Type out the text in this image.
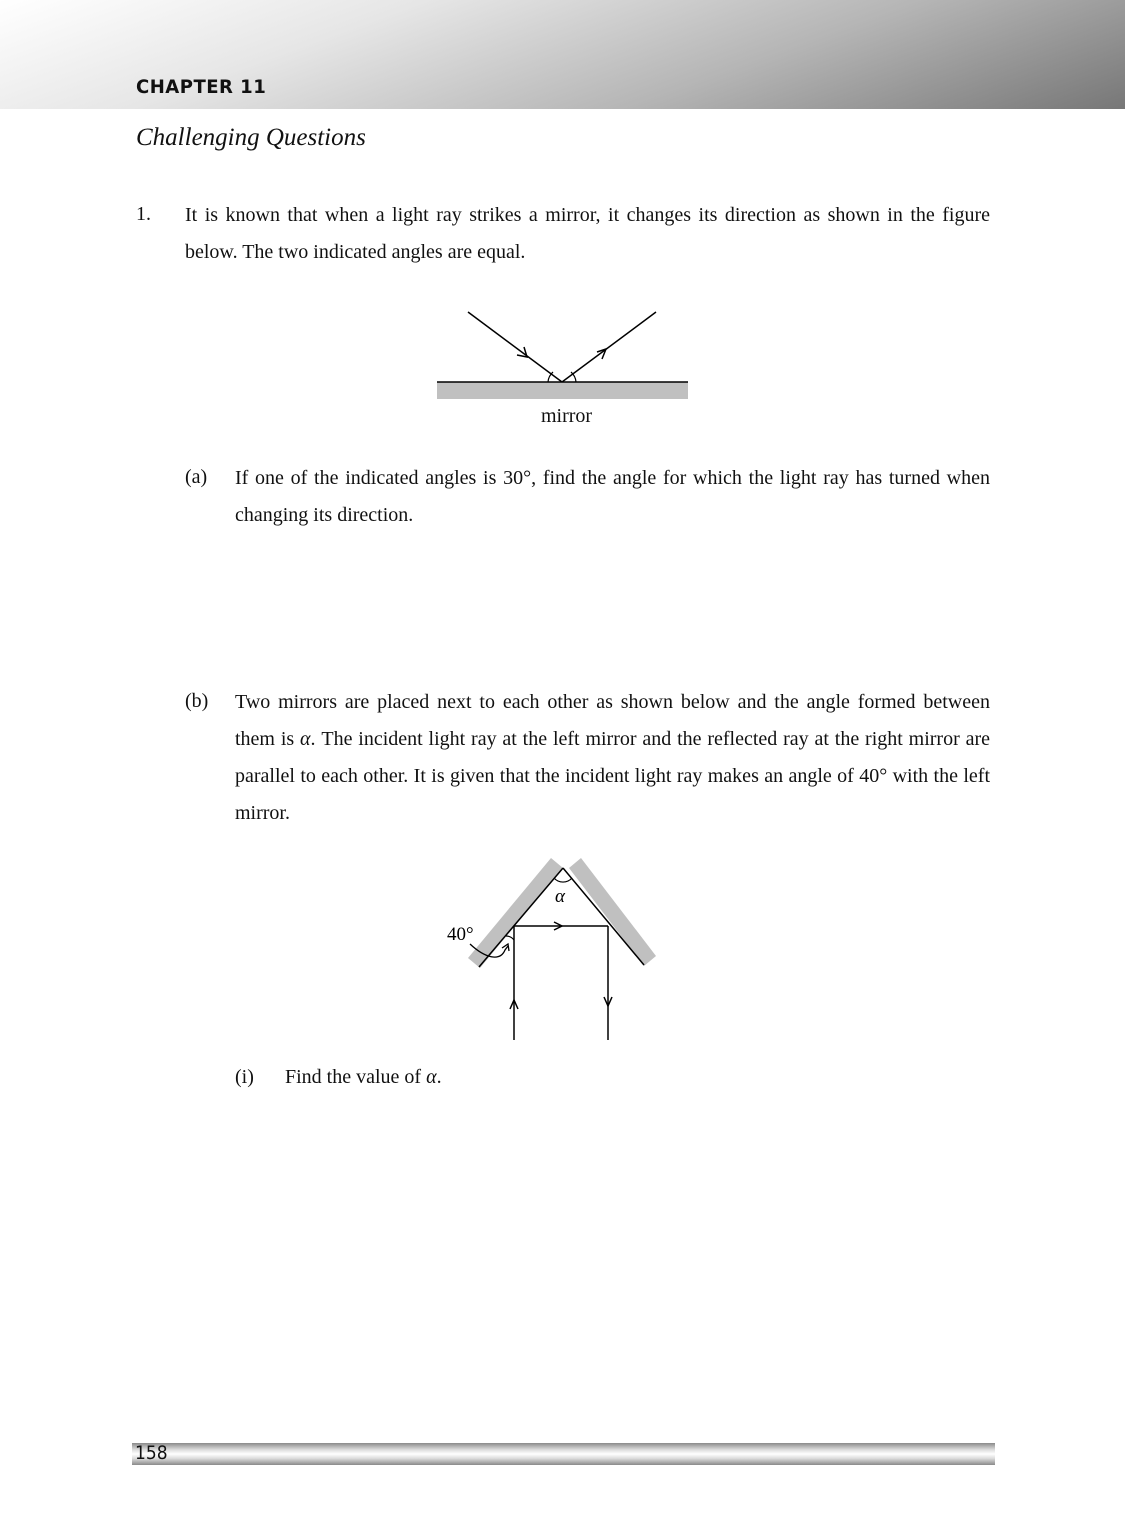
CHAPTER 11
Challenging Questions
1. It is known that when a light ray strikes a mirror, it changes its direction as shown in the figure below. The two indicated angles are equal.
mirror
(a) If one of the indicated angles is 30°, find the angle for which the light ray has turned when changing its direction.
(b) Two mirrors are placed next to each other as shown below and the angle formed between them is α. The incident light ray at the left mirror and the reflected ray at the right mirror are parallel to each other. It is given that the incident light ray makes an angle of 40° with the left mirror.
α
40°
(i) Find the value of α.
158
